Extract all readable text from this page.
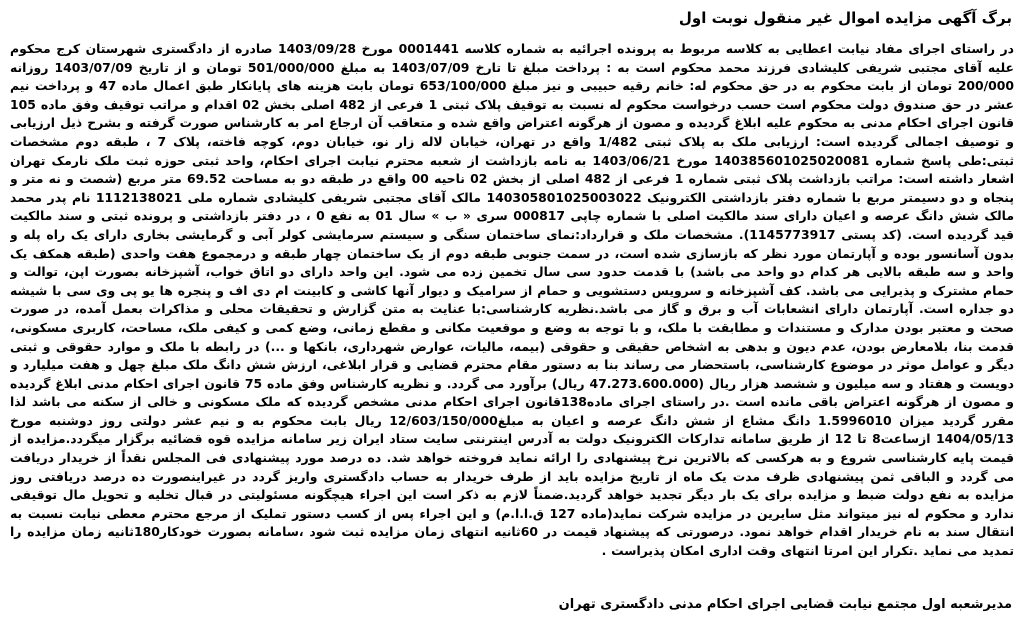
برگ آگهی مزایده اموال غیر منقول نوبت اول
در راستای اجرای مفاد نیابت اعطایی به کلاسه مربوط به پرونده اجرائیه به شماره کلاسه 0001441 مورخ 1403/09/28 صادره از دادگستری شهرستان کرج محکوم علیه آقای مجتبی شریفی کلیشادی فرزند محمد محکوم است به : پرداخت مبلغ تا تارخ 1403/07/09 به مبلغ 501/000/000 تومان و از تاریخ 1403/07/09 روزانه 200/000 تومان از بابت محکوم به در حق محکوم له: خانم رقیه حبیبی و نیز مبلغ 653/100/000 تومان بابت هزینه های پایانکار طبق اعمال ماده 47 و پرداخت نیم عشر در حق صندوق دولت محکوم است حسب درخواست محکوم له نسبت به توقیف پلاک ثبتی 1 فرعی از 482 اصلی بخش 02 اقدام و مراتب توقیف وفق ماده 105 قانون اجرای احکام مدنی به محکوم علیه ابلاغ گردیده و مصون از هرگونه اعتراض واقع شده و متعاقب آن ارجاع امر به کارشناس صورت گرفته و بشرح ذیل ارزیابی و توصیف اجمالی گردیده است: ارزیابی ملک به پلاک ثبتی 1/482 واقع در تهران، خیابان لاله زار نو، خیابان دوم، کوچه فاخته، پلاک 7 ، طبقه دوم مشخصات ثبتی:طی پاسخ شماره 140385601025020081 مورخ 1403/06/21 به نامه بازداشت از شعبه محترم نیابت اجرای احکام، واحد ثبتی حوزه ثبت ملک نارمک تهران اشعار داشته است: مراتب بازداشت پلاک ثبتی شماره 1 فرعی از 482 اصلی از بخش 02 ناحیه 00 واقع در طبقه دو به مساحت 69.52 متر مربع (شصت و نه متر و پنجاه و دو دسیمتر مربع با شماره دفتر بازداشتی الکترونیک 140305801025003022 مالک آقای مجتبی شریفی کلیشادی شماره ملی 1112138021 نام پدر محمد مالک شش دانگ عرصه و اعیان دارای سند مالکیت اصلی با شماره چاپی 000817 سری « ب » سال 01 به نفع 0 ، در دفتر بازداشتی و پرونده ثبتی و سند مالکیت قید گردیده است. (کد پستی 1145773917). مشخصات ملک و قرارداد:نمای ساختمان سنگی و سیستم سرمایشی کولر آبی و گرمایشی بخاری دارای یک راه پله و بدون آسانسور بوده و آپارتمان مورد نظر که بازسازی شده است، در سمت جنوبی طبقه دوم از یک ساختمان چهار طبقه و درمجموع هفت واحدی (طبقه همکف یک واحد و سه طبقه بالایی هر کدام دو واحد می باشد) با قدمت حدود سی سال تخمین زده می شود. این واحد دارای دو اتاق خواب، آشپزخانه بصورت اپن، توالت و حمام مشترک و پذیرایی می باشد. کف آشپزخانه و سرویس دستشویی و حمام از سرامیک و دیوار آنها کاشی و کابینت ام دی اف و پنجره ها یو پی وی سی با شیشه دو جداره است. آپارتمان دارای انشعابات آب و برق و گاز می باشد.نظریه کارشناسی:با عنایت به متن گزارش و تحقیقات محلی و مذاکرات بعمل آمده، در صورت صحت و معتبر بودن مدارک و مستندات و مطابقت با ملک، و با توجه به وضع و موقعیت مکانی و مقطع زمانی، وضع کمی و کیفی ملک، مساحت، کاربری مسکونی، قدمت بنا، بلامعارض بودن، عدم دیون و بدهی به اشخاص حقیقی و حقوقی (بیمه، مالیات، عوارض شهرداری، بانکها و ...) در رابطه با ملک و موارد حقوقی و ثبتی دیگر و عوامل موثر در موضوع کارشناسی، باستحضار می رساند بنا به دستور مقام محترم قضایی و قرار ابلاغی، ارزش شش دانگ ملک مبلغ چهل و هفت میلیارد و دویست و هفتاد و سه میلیون و ششصد هزار ریال (47.273.600.000 ریال) برآورد می گردد. و نظریه کارشناس وفق ماده 75 قانون اجرای احکام مدنی ابلاغ گردیده و مصون از هرگونه اعتراض باقی مانده است .در راستای اجرای ماده138قانون اجرای احکام مدنی مشخص گردیده که ملک مسکونی و خالی از سکنه می باشد لذا مقرر گردید میزان 1.5996010 دانگ مشاع از شش دانگ عرصه و اعیان به مبلغ12/603/150/000 ریال بابت محکوم به و نیم عشر دولتی روز دوشنبه مورخ 1404/05/13 ازساعت8 تا 12 از طریق سامانه تدارکات الکترونیک دولت به آدرس اینترنتی سایت ستاد ایران زیر سامانه مزایده قوه قضائیه برگزار میگردد.مزایده از قیمت پایه کارشناسی شروع و به هرکسی که بالاترین نرخ پیشنهادی را ارائه نماید فروخته خواهد شد. ده درصد مورد پیشنهادی فی المجلس نقداً از خریدار دریافت می گردد و الباقی ثمن پیشنهادی ظرف مدت یک ماه از تاریخ مزایده باید از طرف خریدار به حساب دادگستری واریز گردد در غیراینصورت ده درصد دریافتی روز مزایده به نفع دولت ضبط و مزایده برای یک بار دیگر تجدید خواهد گردید.ضمناً لازم به ذکر است این اجراء هیچگونه مسئولیتی در قبال تخلیه و تحویل مال توقیفی ندارد و محکوم له نیز میتواند مثل سایرین در مزایده شرکت نماید(ماده 127 ق.ا.ا.م) و این اجراء پس از کسب دستور تملیک از مرجع محترم معطی نیابت نسبت به انتقال سند به نام خریدار اقدام خواهد نمود. درصورتی که پیشنهاد قیمت در 60ثانیه انتهای زمان مزایده ثبت شود ،سامانه بصورت خودکار180ثانیه زمان مزایده را تمدید می نماید .تکرار این امرتا انتهای وقت اداری امکان پذیراست .
مدیرشعبه اول مجتمع نیابت قضایی اجرای احکام مدنی دادگستری تهران
